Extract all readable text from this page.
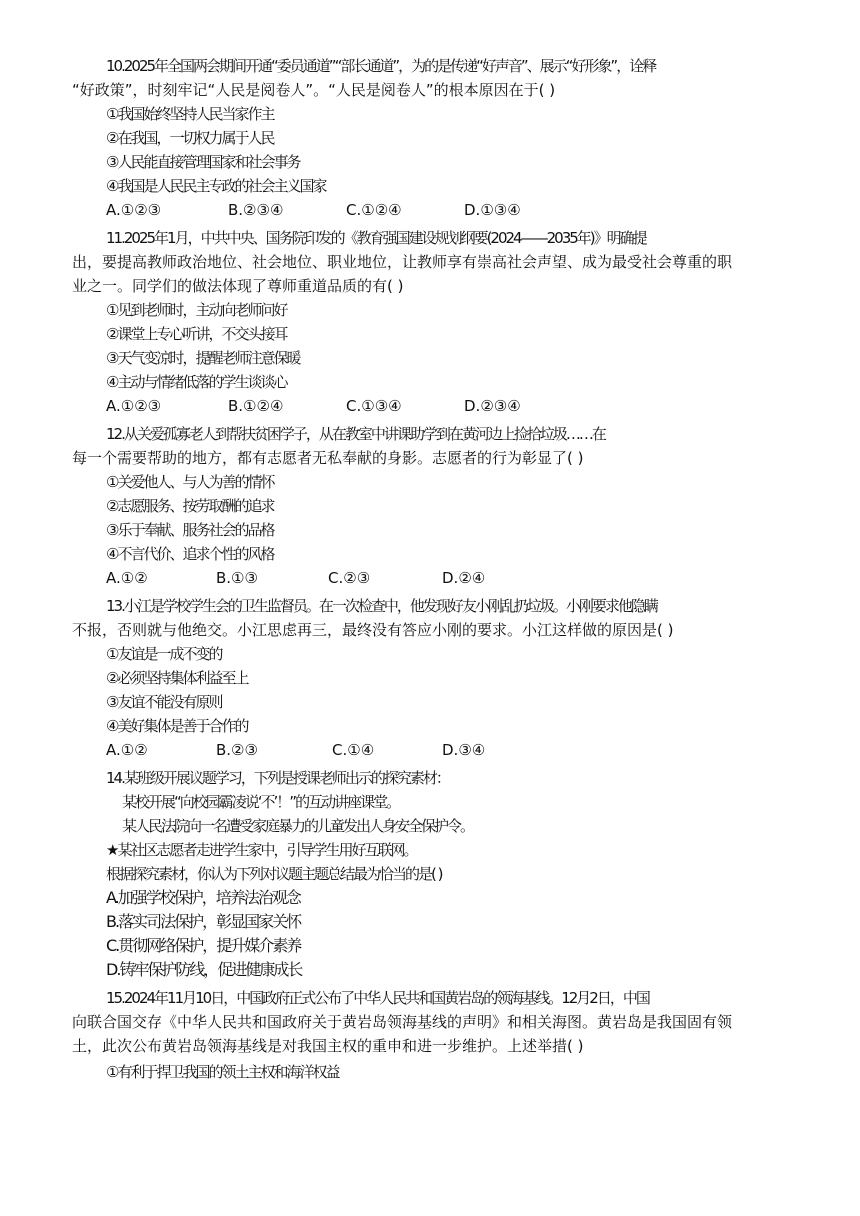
10.2025年全国两会期间开通“委员通道”“部长通道”，为的是传递“好声音”、展示“好形象”，诠释
“好政策”，时刻牢记“人民是阅卷人”。“人民是阅卷人”的根本原因在于( )
①我国始终坚持人民当家作主
②在我国，一切权力属于人民
③人民能直接管理国家和社会事务
④我国是人民民主专政的社会主义国家
A.①②③	B.②③④	C.①②④	D.①③④
11.2025年1月，中共中央、国务院印发的《教育强国建设规划纲要(2024——2035年)》明确提
出，要提高教师政治地位、社会地位、职业地位，让教师享有崇高社会声望、成为最受社会尊重的职
业之一。同学们的做法体现了尊师重道品质的有( )
①见到老师时，主动向老师问好
②课堂上专心听讲，不交头接耳
③天气变凉时，提醒老师注意保暖
④主动与情绪低落的学生谈谈心
A.①②③	B.①②④	C.①③④	D.②③④
12.从关爱孤寡老人到帮扶贫困学子，从在教室中讲课助学到在黄河边上捡拾垃圾……在
每一个需要帮助的地方，都有志愿者无私奉献的身影。志愿者的行为彰显了( )
①关爱他人、与人为善的情怀
②志愿服务、按劳取酬的追求
③乐于奉献、服务社会的品格
④不言代价、追求个性的风格
A.①②	B.①③	C.②③	D.②④
13.小江是学校学生会的卫生监督员。在一次检查中，他发现好友小刚乱扔垃圾。小刚要求他隐瞒
不报，否则就与他绝交。小江思虑再三，最终没有答应小刚的要求。小江这样做的原因是( )
①友谊是一成不变的
②必须坚持集体利益至上
③友谊不能没有原则
④美好集体是善于合作的
A.①②	B.②③	C.①④	D.③④
14.某班级开展议题学习，下列是授课老师出示的探究素材：
某校开展“向校园霸凌说‘不’！”的互动讲座课堂。
某人民法院向一名遭受家庭暴力的儿童发出人身安全保护令。
★某社区志愿者走进学生家中，引导学生用好互联网。
根据探究素材，你认为下列对议题主题总结最为恰当的是( )
A.加强学校保护，培养法治观念
B.落实司法保护，彰显国家关怀
C.贯彻网络保护，提升媒介素养
D.铸牢保护防线，促进健康成长
15.2024年11月10日，中国政府正式公布了中华人民共和国黄岩岛的领海基线。12月2日，中国
向联合国交存《中华人民共和国政府关于黄岩岛领海基线的声明》和相关海图。黄岩岛是我国固有领
土，此次公布黄岩岛领海基线是对我国主权的重申和进一步维护。上述举措( )
①有利于捍卫我国的领土主权和海洋权益
